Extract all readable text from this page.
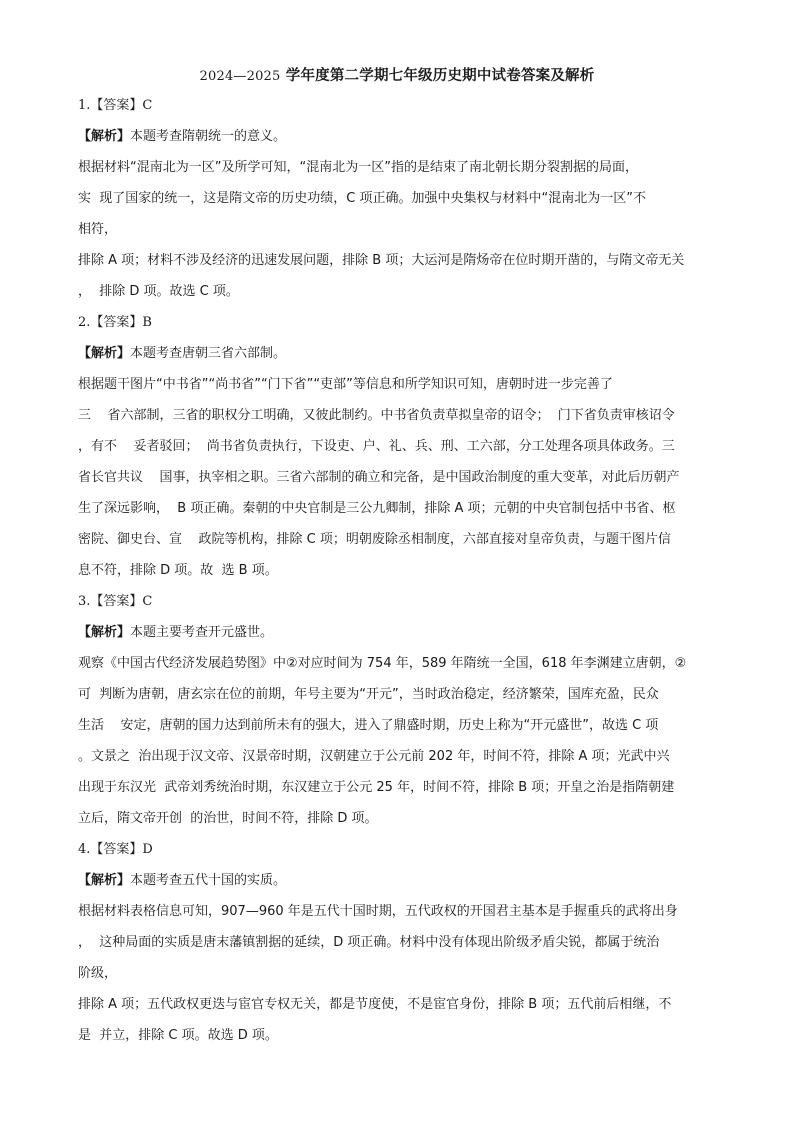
2024—2025 学年度第二学期七年级历史期中试卷答案及解析
1.【答案】C
【解析】本题考查隋朝统一的意义。
根据材料“混南北为一区”及所学可知，“混南北为一区”指的是结束了南北朝长期分裂割据的局面，
实  现了国家的统一，这是隋文帝的历史功绩，C 项正确。加强中央集权与材料中“混南北为一区”不
相符，
排除 A 项；材料不涉及经济的迅速发展问题，排除 B 项；大运河是隋炀帝在位时期开凿的，与隋文帝无关
，  排除 D 项。故选 C 项。
2.【答案】B
【解析】本题考查唐朝三省六部制。
根据题干图片“中书省”“尚书省”“门下省”“吏部”等信息和所学知识可知，唐朝时进一步完善了
三    省六部制，三省的职权分工明确，又彼此制约。中书省负责草拟皇帝的诏令；  门下省负责审核诏令
，有不    妥者驳回；  尚书省负责执行，下设吏、户、礼、兵、刑、工六部，分工处理各项具体政务。三
省长官共议    国事，执宰相之职。三省六部制的确立和完备，是中国政治制度的重大变革，对此后历朝产
生了深远影响，  B 项正确。秦朝的中央官制是三公九卿制，排除 A 项；元朝的中央官制包括中书省、枢
密院、御史台、宣    政院等机构，排除 C 项；明朝废除丞相制度，六部直接对皇帝负责，与题干图片信
息不符，排除 D 项。故  选 B 项。
3.【答案】C
【解析】本题主要考查开元盛世。
观察《中国古代经济发展趋势图》中②对应时间为 754 年，589 年隋统一全国，618 年李渊建立唐朝，②
可  判断为唐朝，唐玄宗在位的前期，年号主要为“开元”，当时政治稳定，经济繁荣，国库充盈，民众
生活    安定，唐朝的国力达到前所未有的强大，进入了鼎盛时期，历史上称为“开元盛世”，故选 C 项
。文景之  治出现于汉文帝、汉景帝时期，汉朝建立于公元前 202 年，时间不符，排除 A 项；光武中兴
出现于东汉光  武帝刘秀统治时期，东汉建立于公元 25 年，时间不符，排除 B 项；开皇之治是指隋朝建
立后，隋文帝开创  的治世，时间不符，排除 D 项。
4.【答案】D
【解析】本题考查五代十国的实质。
根据材料表格信息可知，907—960 年是五代十国时期，五代政权的开国君主基本是手握重兵的武将出身
，  这种局面的实质是唐末藩镇割据的延续，D 项正确。材料中没有体现出阶级矛盾尖锐，都属于统治
阶级，
排除 A 项；五代政权更迭与宦官专权无关，都是节度使，不是宦官身份，排除 B 项；五代前后相继，不
是  并立，排除 C 项。故选 D 项。
